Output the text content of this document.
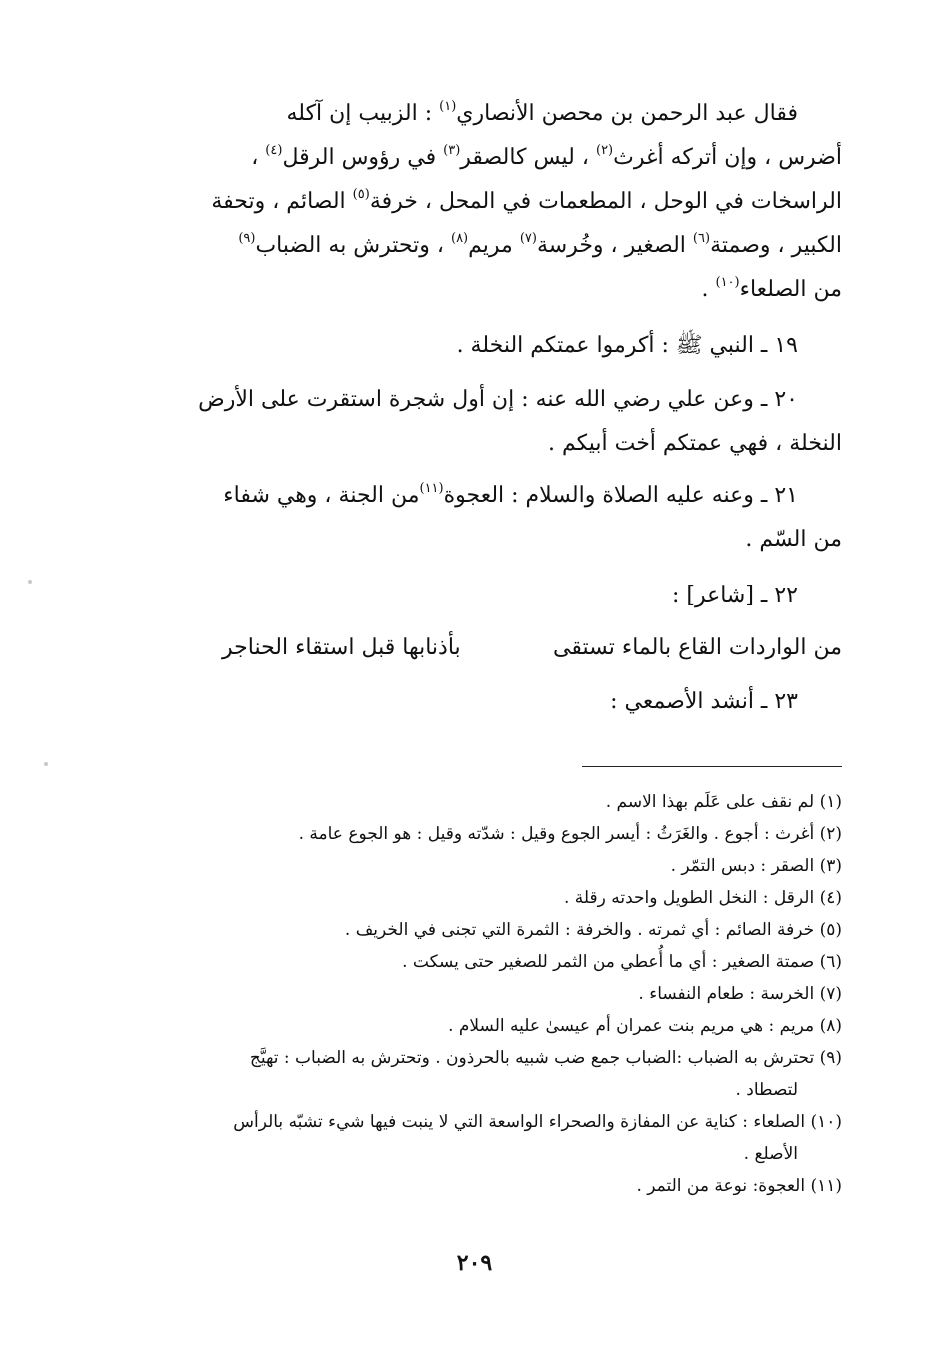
فقال عبد الرحمن بن محصن الأنصاري$^{(١)}$ : الزبيب إن آكله
أضرس ، وإن أتركه أغرث$^{(٢)}$ ، ليس كالصقر$^{(٣)}$ في رؤوس الرقل$^{(٤)}$ ،
الراسخات في الوحل ، المطعمات في المحل ، خرفة$^{(٥)}$ الصائم ، وتحفة
الكبير ، وصمتة$^{(٦)}$ الصغير ، وخُرسة$^{(٧)}$ مريم$^{(٨)}$ ، وتحترش به الضباب$^{(٩)}$
من الصلعاء$^{(١٠)}$ .
١٩ ـ النبي ﷺ : أكرموا عمتكم النخلة .
٢٠ ـ وعن علي رضي الله عنه : إن أول شجرة استقرت على الأرض
النخلة ، فهي عمتكم أخت أبيكم .
٢١ ـ وعنه عليه الصلاة والسلام : العجوة$^{(١١)}$من الجنة ، وهي شفاء
من السّم .
٢٢ ـ [شاعر] :
من الواردات القاع بالماء تستقى
بأذنابها قبل استقاء الحناجر
٢٣ ـ أنشد الأصمعي :
(١) لم نقف على عَلَم بهذا الاسم .
(٢) أغرث : أجوع . والغَرَثُ : أيسر الجوع وقيل : شدّته وقيل : هو الجوع عامة .
(٣) الصقر : دبس التمّر .
(٤) الرقل : النخل الطويل واحدته رقلة .
(٥) خرفة الصائم : أي ثمرته . والخرفة : الثمرة التي تجنى في الخريف .
(٦) صمتة الصغير : أي ما أُعطي من الثمر للصغير حتى يسكت .
(٧) الخرسة : طعام النفساء .
(٨) مريم : هي مريم بنت عمران أم عيسىٰ عليه السلام .
(٩) تحترش به الضباب :الضباب جمع ضب شبيه بالحرذون . وتحترش به الضباب : تهيَّج
لتصطاد .
(١٠) الصلعاء : كناية عن المفازة والصحراء الواسعة التي لا ينبت فيها شيء تشبّه بالرأس
الأصلع .
(١١) العجوة: نوعة من التمر .
٢٠٩
